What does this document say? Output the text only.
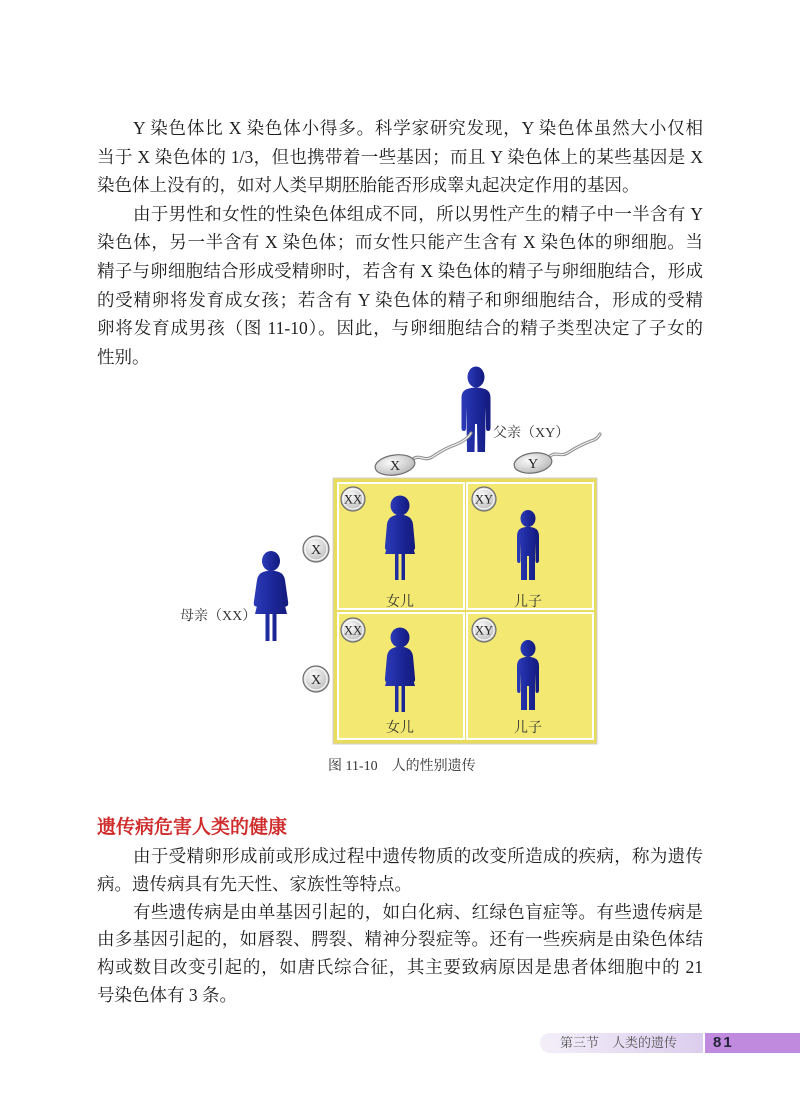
Y 染色体比 X 染色体小得多。科学家研究发现，Y 染色体虽然大小仅相
当于 X 染色体的 1/3，但也携带着一些基因；而且 Y 染色体上的某些基因是 X
染色体上没有的，如对人类早期胚胎能否形成睾丸起决定作用的基因。
由于男性和女性的性染色体组成不同，所以男性产生的精子中一半含有 Y
染色体，另一半含有 X 染色体；而女性只能产生含有 X 染色体的卵细胞。当
精子与卵细胞结合形成受精卵时，若含有 X 染色体的精子与卵细胞结合，形成
的受精卵将发育成女孩；若含有 Y 染色体的精子和卵细胞结合，形成的受精
卵将发育成男孩（图 11-10）。因此，与卵细胞结合的精子类型决定了子女的
性别。
父亲（XY）
X	Y
XX
女儿
XY
儿子
XX
女儿
XY
儿子
X
X
母亲（XX）
图 11-10　人的性别遗传
遗传病危害人类的健康
由于受精卵形成前或形成过程中遗传物质的改变所造成的疾病，称为遗传
病。遗传病具有先天性、家族性等特点。
有些遗传病是由单基因引起的，如白化病、红绿色盲症等。有些遗传病是
由多基因引起的，如唇裂、腭裂、精神分裂症等。还有一些疾病是由染色体结
构或数目改变引起的，如唐氏综合征，其主要致病原因是患者体细胞中的 21
号染色体有 3 条。
第三节　人类的遗传 81
